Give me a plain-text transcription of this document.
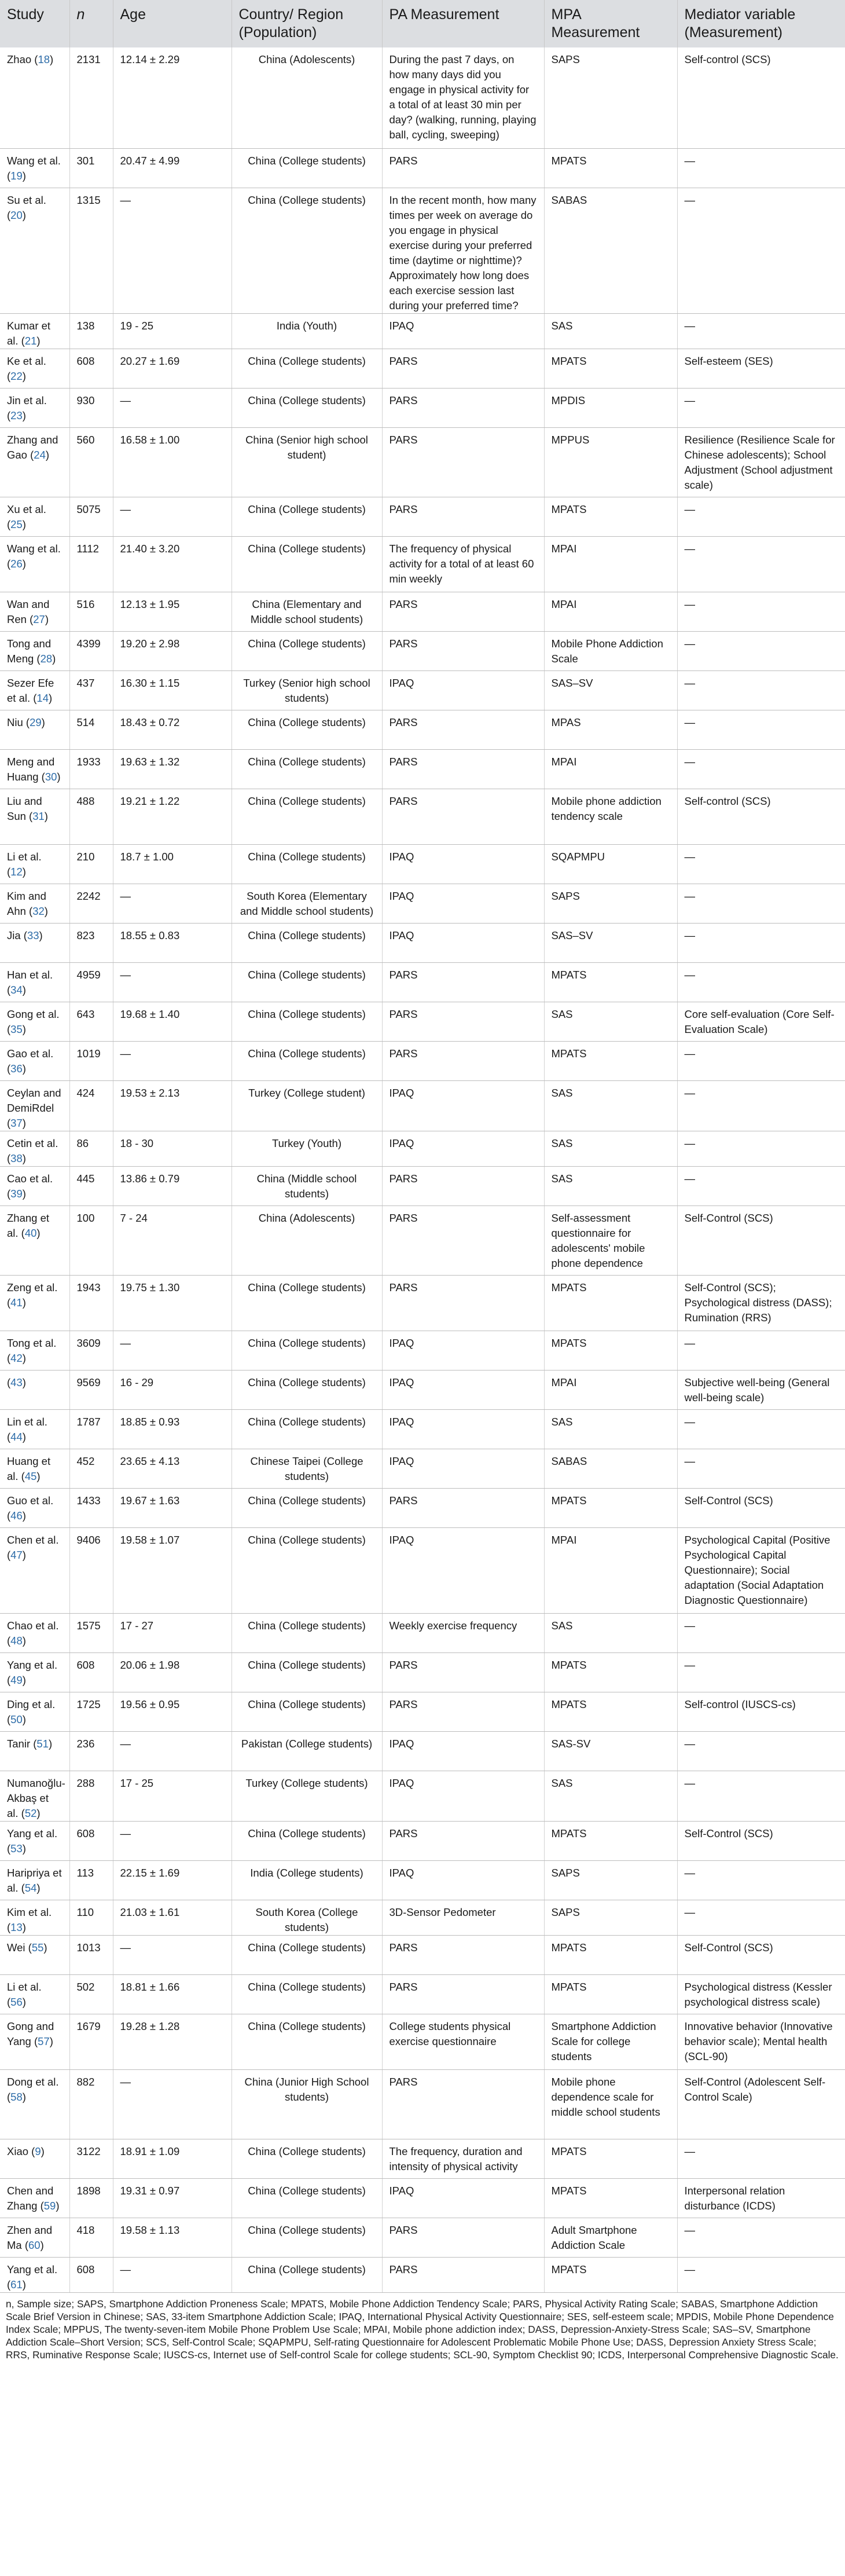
Study	n	Age	Country/ Region (Population)	PA Measurement	MPA Measurement	Mediator variable (Measurement)
Zhao (18)	2131	12.14 ± 2.29	China (Adolescents)	During the past 7 days, on how many days did you engage in physical activity for a total of at least 30 min per day? (walking, running, playing ball, cycling, sweeping)	SAPS	Self-control (SCS)
Wang et al. (19)	301	20.47 ± 4.99	China (College students)	PARS	MPATS	—
Su et al. (20)	1315	—	China (College students)	In the recent month, how many times per week on average do you engage in physical exercise during your preferred time (daytime or nighttime)? Approximately how long does each exercise session last during your preferred time?	SABAS	—
Kumar et al. (21)	138	19 - 25	India (Youth)	IPAQ	SAS	—
Ke et al. (22)	608	20.27 ± 1.69	China (College students)	PARS	MPATS	Self-esteem (SES)
Jin et al. (23)	930	—	China (College students)	PARS	MPDIS	—
Zhang and Gao (24)	560	16.58 ± 1.00	China (Senior high school student)	PARS	MPPUS	Resilience (Resilience Scale for Chinese adolescents); School Adjustment (School adjustment scale)
Xu et al. (25)	5075	—	China (College students)	PARS	MPATS	—
Wang et al. (26)	1112	21.40 ± 3.20	China (College students)	The frequency of physical activity for a total of at least 60 min weekly	MPAI	—
Wan and Ren (27)	516	12.13 ± 1.95	China (Elementary and Middle school students)	PARS	MPAI	—
Tong and Meng (28)	4399	19.20 ± 2.98	China (College students)	PARS	Mobile Phone Addiction Scale	—
Sezer Efe et al. (14)	437	16.30 ± 1.15	Turkey (Senior high school students)	IPAQ	SAS–SV	—
Niu (29)	514	18.43 ± 0.72	China (College students)	PARS	MPAS	—
Meng and Huang (30)	1933	19.63 ± 1.32	China (College students)	PARS	MPAI	—
Liu and Sun (31)	488	19.21 ± 1.22	China (College students)	PARS	Mobile phone addiction tendency scale	Self-control (SCS)
Li et al. (12)	210	18.7 ± 1.00	China (College students)	IPAQ	SQAPMPU	—
Kim and Ahn (32)	2242	—	South Korea (Elementary and Middle school students)	IPAQ	SAPS	—
Jia (33)	823	18.55 ± 0.83	China (College students)	IPAQ	SAS–SV	—
Han et al. (34)	4959	—	China (College students)	PARS	MPATS	—
Gong et al. (35)	643	19.68 ± 1.40	China (College students)	PARS	SAS	Core self-evaluation (Core Self-Evaluation Scale)
Gao et al. (36)	1019	—	China (College students)	PARS	MPATS	—
Ceylan and DemiRdel (37)	424	19.53 ± 2.13	Turkey (College student)	IPAQ	SAS	—
Cetin et al. (38)	86	18 - 30	Turkey (Youth)	IPAQ	SAS	—
Cao et al. (39)	445	13.86 ± 0.79	China (Middle school students)	PARS	SAS	—
Zhang et al. (40)	100	7 - 24	China (Adolescents)	PARS	Self-assessment questionnaire for adolescents' mobile phone dependence	Self-Control (SCS)
Zeng et al. (41)	1943	19.75 ± 1.30	China (College students)	PARS	MPATS	Self-Control (SCS); Psychological distress (DASS); Rumination (RRS)
Tong et al. (42)	3609	—	China (College students)	IPAQ	MPATS	—
(43)	9569	16 - 29	China (College students)	IPAQ	MPAI	Subjective well-being (General well-being scale)
Lin et al. (44)	1787	18.85 ± 0.93	China (College students)	IPAQ	SAS	—
Huang et al. (45)	452	23.65 ± 4.13	Chinese Taipei (College students)	IPAQ	SABAS	—
Guo et al. (46)	1433	19.67 ± 1.63	China (College students)	PARS	MPATS	Self-Control (SCS)
Chen et al. (47)	9406	19.58 ± 1.07	China (College students)	IPAQ	MPAI	Psychological Capital (Positive Psychological Capital Questionnaire); Social adaptation (Social Adaptation Diagnostic Questionnaire)
Chao et al. (48)	1575	17 - 27	China (College students)	Weekly exercise frequency	SAS	—
Yang et al. (49)	608	20.06 ± 1.98	China (College students)	PARS	MPATS	—
Ding et al. (50)	1725	19.56 ± 0.95	China (College students)	PARS	MPATS	Self-control (IUSCS-cs)
Tanir (51)	236	—	Pakistan (College students)	IPAQ	SAS-SV	—
Numanoğlu-Akbaş et al. (52)	288	17 - 25	Turkey (College students)	IPAQ	SAS	—
Yang et al. (53)	608	—	China (College students)	PARS	MPATS	Self-Control (SCS)
Haripriya et al. (54)	113	22.15 ± 1.69	India (College students)	IPAQ	SAPS	—
Kim et al. (13)	110	21.03 ± 1.61	South Korea (College students)	3D-Sensor Pedometer	SAPS	—
Wei (55)	1013	—	China (College students)	PARS	MPATS	Self-Control (SCS)
Li et al. (56)	502	18.81 ± 1.66	China (College students)	PARS	MPATS	Psychological distress (Kessler psychological distress scale)
Gong and Yang (57)	1679	19.28 ± 1.28	China (College students)	College students physical exercise questionnaire	Smartphone Addiction Scale for college students	Innovative behavior (Innovative behavior scale); Mental health (SCL-90)
Dong et al. (58)	882	—	China (Junior High School students)	PARS	Mobile phone dependence scale for middle school students	Self-Control (Adolescent Self-Control Scale)
Xiao (9)	3122	18.91 ± 1.09	China (College students)	The frequency, duration and intensity of physical activity	MPATS	—
Chen and Zhang (59)	1898	19.31 ± 0.97	China (College students)	IPAQ	MPATS	Interpersonal relation disturbance (ICDS)
Zhen and Ma (60)	418	19.58 ± 1.13	China (College students)	PARS	Adult Smartphone Addiction Scale	—
Yang et al. (61)	608	—	China (College students)	PARS	MPATS	—
n, Sample size; SAPS, Smartphone Addiction Proneness Scale; MPATS, Mobile Phone Addiction Tendency Scale; PARS, Physical Activity Rating Scale; SABAS, Smartphone Addiction Scale Brief Version in Chinese; SAS, 33-item Smartphone Addiction Scale; IPAQ, International Physical Activity Questionnaire; SES, self-esteem scale; MPDIS, Mobile Phone Dependence Index Scale; MPPUS, The twenty-seven-item Mobile Phone Problem Use Scale; MPAI, Mobile phone addiction index; DASS, Depression-Anxiety-Stress Scale; SAS–SV, Smartphone Addiction Scale–Short Version; SCS, Self-Control Scale; SQAPMPU, Self-rating Questionnaire for Adolescent Problematic Mobile Phone Use; DASS, Depression Anxiety Stress Scale; RRS, Ruminative Response Scale; IUSCS-cs, Internet use of Self-control Scale for college students; SCL-90, Symptom Checklist 90; ICDS, Interpersonal Comprehensive Diagnostic Scale.
